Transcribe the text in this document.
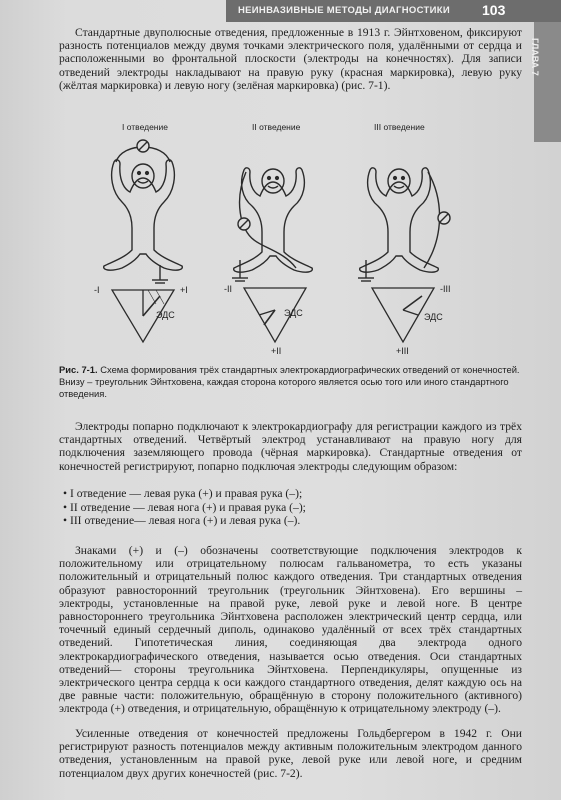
НЕИНВАЗИВНЫЕ МЕТОДЫ ДИАГНОСТИКИ 103
ГЛАВА 7

Стандартные двуполюсные отведения, предложенные в 1913 г. Эйнтховеном, фиксируют разность потенциалов между двумя точками электрического поля, удалёнными от сердца и расположенными во фронтальной плоскости (электроды на конечностях). Для записи отведений электроды накладывают на правую руку (красная маркировка), левую руку (жёлтая маркировка) и левую ногу (зелёная маркировка) (рис. 7-1).

I отведение	II отведение	III отведение
-I	+I
ЭДС
-II
+II
ЭДС
-III
+III
ЭДС
Рис. 7-1. Схема формирования трёх стандартных электрокардиографических отведений от конечностей. Внизу – треугольник Эйнтховена, каждая сторона которого является осью того или иного стандартного отведения.

Электроды попарно подключают к электрокардиографу для регистрации каждого из трёх стандартных отведений. Четвёртый электрод устанавливают на правую ногу для подключения заземляющего провода (чёрная маркировка). Стандартные отведения от конечностей регистрируют, попарно подключая электроды следующим образом:

• I отведение — левая рука (+) и правая рука (–);
• II отведение — левая нога (+) и правая рука (–);
• III отведение— левая нога (+) и левая рука (–).

Знаками (+) и (–) обозначены соответствующие подключения электродов к положительному или отрицательному полюсам гальванометра, то есть указаны положительный и отрицательный полюс каждого отведения. Три стандартных отведения образуют равносторонний треугольник (треугольник Эйнтховена). Его вершины – электроды, установленные на правой руке, левой руке и левой ноге. В центре равностороннего треугольника Эйнтховена расположен электрический центр сердца, или точечный единый сердечный диполь, одинаково удалённый от всех трёх стандартных отведений. Гипотетическая линия, соединяющая два электрода одного электрокардиографического отведения, называется осью отведения. Оси стандартных отведений— стороны треугольника Эйнтховена. Перпендикуляры, опущенные из электрического центра сердца к оси каждого стандартного отведения, делят каждую ось на две равные части: положительную, обращённую в сторону положительного (активного) электрода (+) отведения, и отрицательную, обращённую к отрицательному электроду (–).

Усиленные отведения от конечностей предложены Гольдбергером в 1942 г. Они регистрируют разность потенциалов между активным положительным электродом данного отведения, установленным на правой руке, левой руке или левой ноге, и средним потенциалом двух других конечностей (рис. 7-2).
